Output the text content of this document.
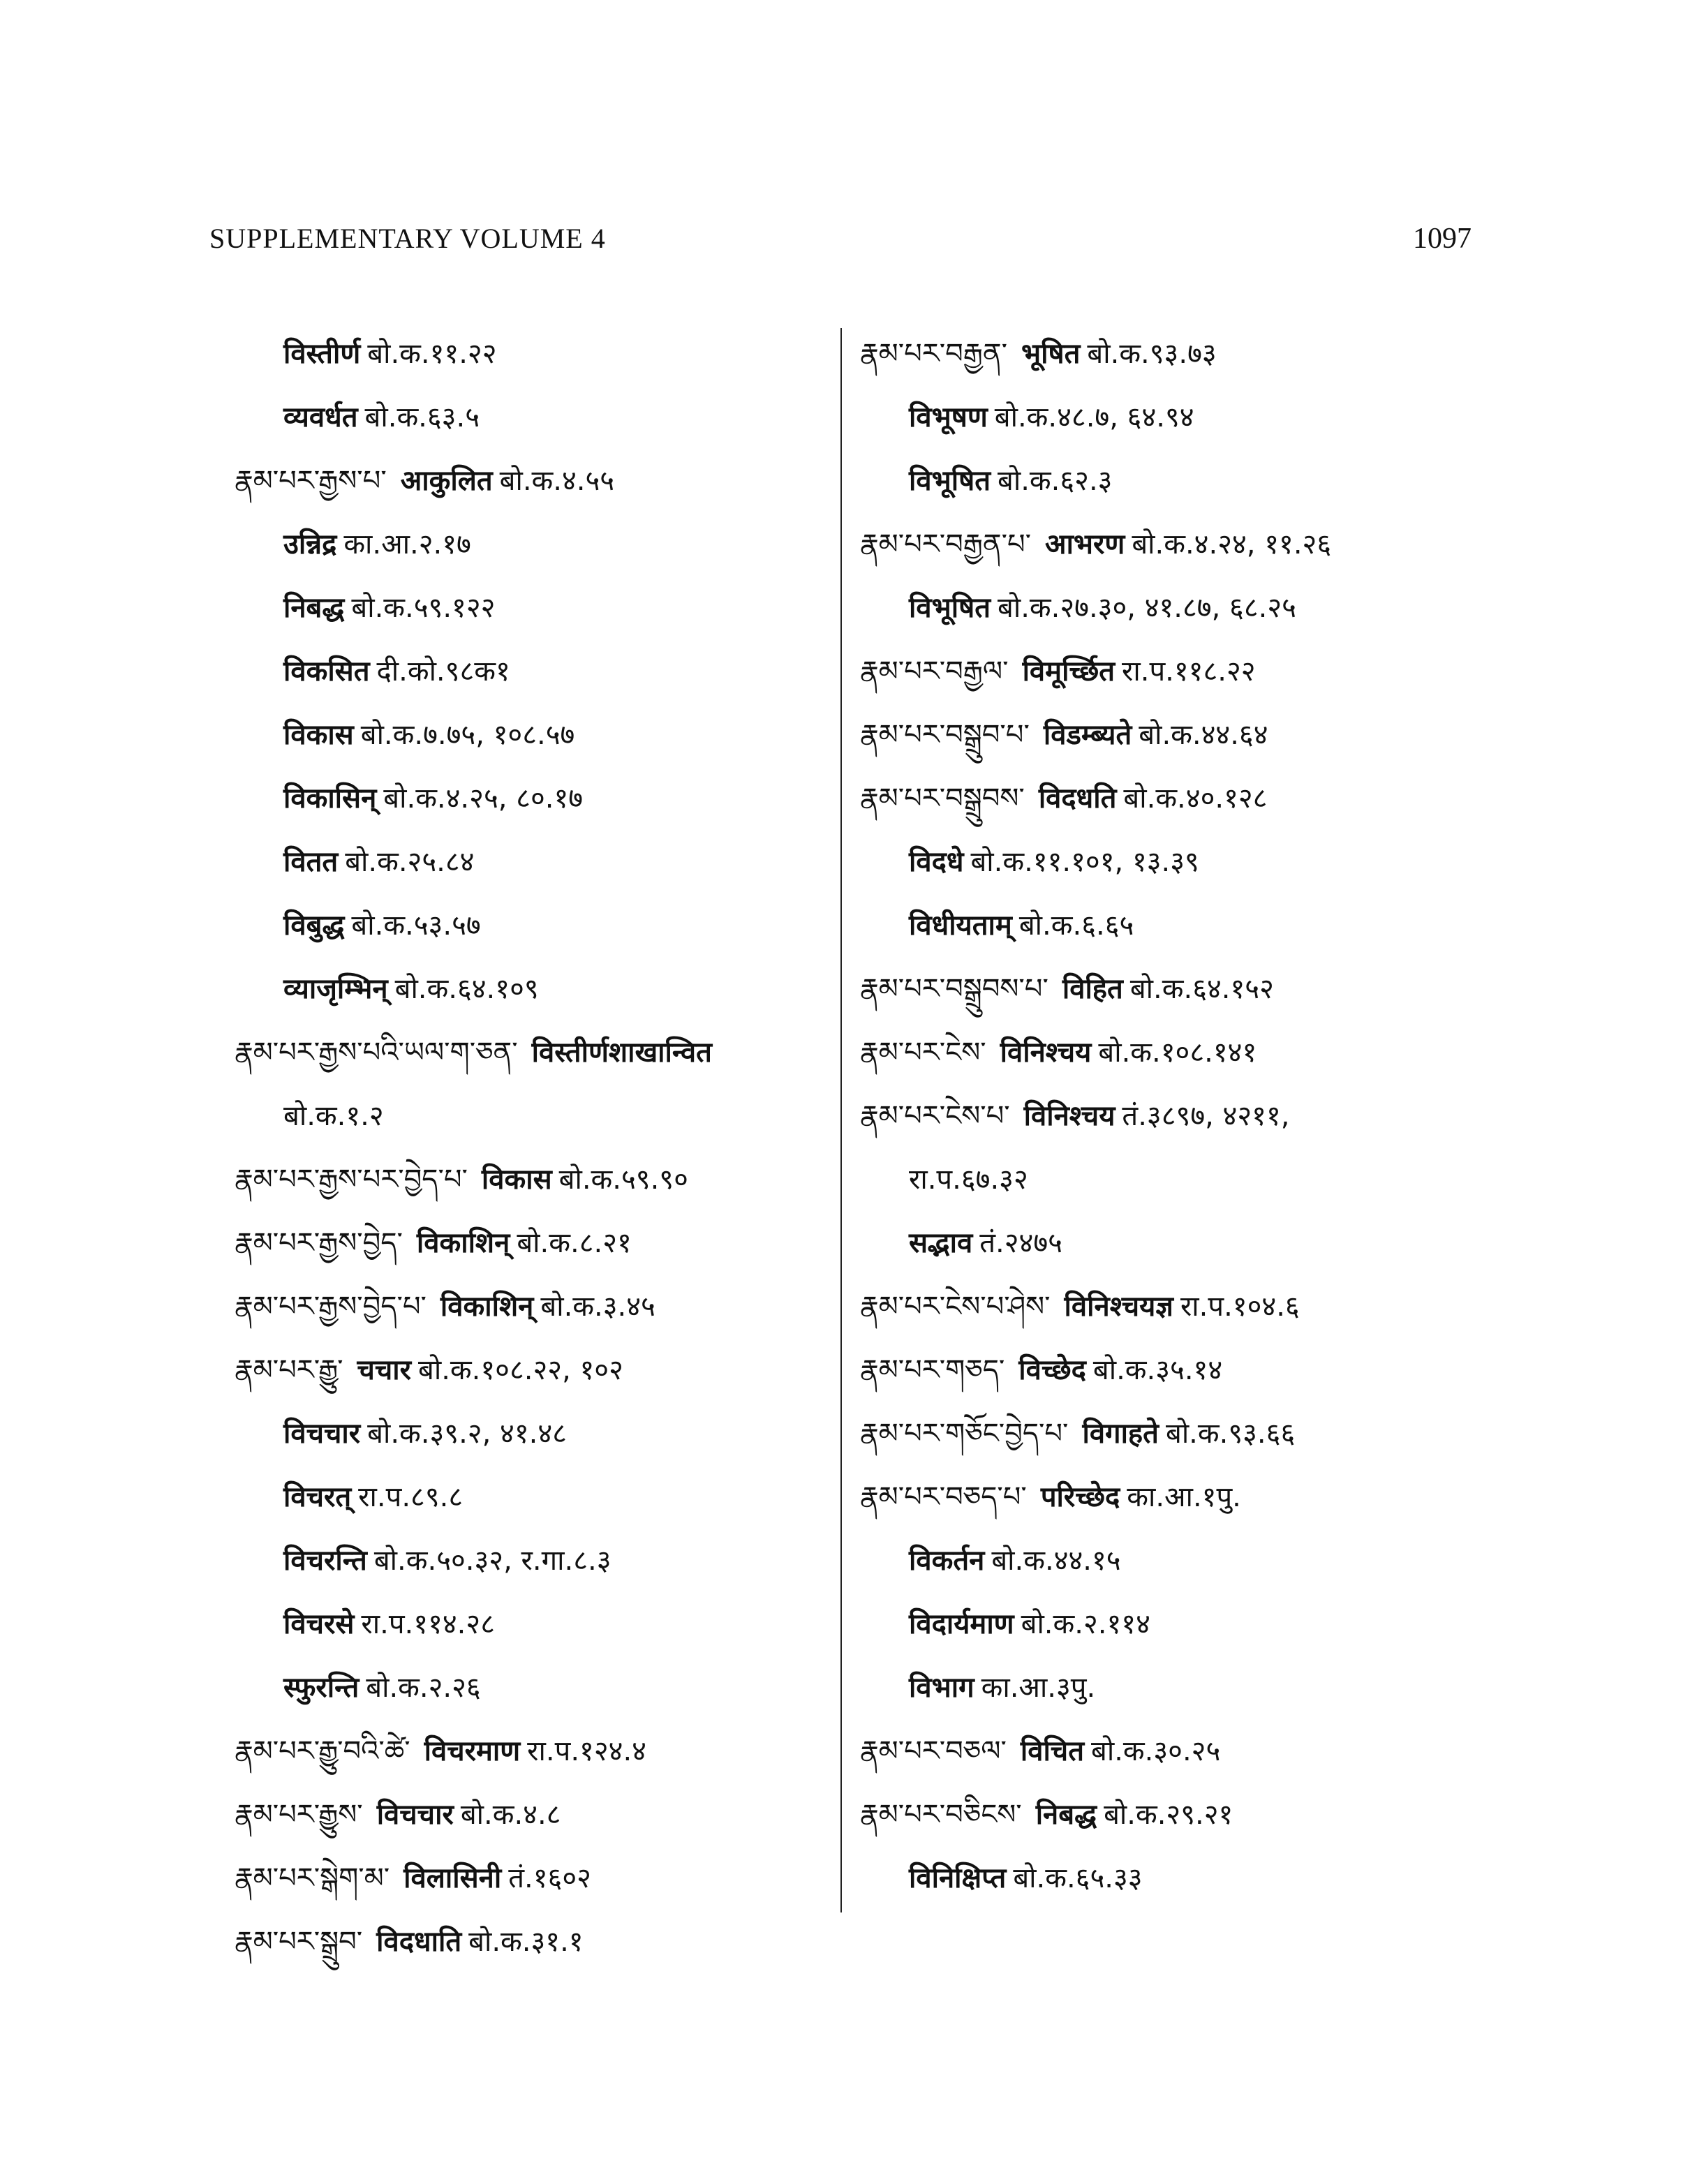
SUPPLEMENTARY VOLUME 4	1097
विस्तीर्ण बो.क.११.२२
व्यवर्धत बो.क.६३.५
རྣམ་པར་རྒྱས་པ་ आकुलित बो.क.४.५५
उन्निद्र का.आ.२.१७
निबद्ध बो.क.५९.१२२
विकसित दी.को.९८क१
विकास बो.क.७.७५, १०८.५७
विकासिन् बो.क.४.२५, ८०.१७
वितत बो.क.२५.८४
विबुद्ध बो.क.५३.५७
व्याजृम्भिन् बो.क.६४.१०९
རྣམ་པར་རྒྱས་པའི་ཡལ་ག་ཅན་ विस्तीर्णशाखान्वित
बो.क.१.२
རྣམ་པར་རྒྱས་པར་བྱེད་པ་ विकास बो.क.५९.९०
རྣམ་པར་རྒྱས་བྱེད་ विकाशिन् बो.क.८.२१
རྣམ་པར་རྒྱས་བྱེད་པ་ विकाशिन् बो.क.३.४५
རྣམ་པར་རྒྱུ་ चचार बो.क.१०८.२२, १०२
विचचार बो.क.३९.२, ४१.४८
विचरत् रा.प.८९.८
विचरन्ति बो.क.५०.३२, र.गा.८.३
विचरसे रा.प.११४.२८
स्फुरन्ति बो.क.२.२६
རྣམ་པར་རྒྱུ་བའི་ཚེ་ विचरमाण रा.प.१२४.४
རྣམ་པར་རྒྱུས་ विचचार बो.क.४.८
རྣམ་པར་སྒེག་མ་ विलासिनी तं.१६०२
རྣམ་པར་སྒྲུབ་ विदधाति बो.क.३१.१
རྣམ་པར་བརྒྱན་ भूषित बो.क.९३.७३
विभूषण बो.क.४८.७, ६४.९४
विभूषित बो.क.६२.३
རྣམ་པར་བརྒྱན་པ་ आभरण बो.क.४.२४, ११.२६
विभूषित बो.क.२७.३०, ४१.८७, ६८.२५
རྣམ་པར་བརྒྱལ་ विमूर्च्छित रा.प.११८.२२
རྣམ་པར་བསྒྲུབ་པ་ विडम्ब्यते बो.क.४४.६४
རྣམ་པར་བསྒྲུབས་ विदधति बो.क.४०.१२८
विदधे बो.क.११.१०१, १३.३९
विधीयताम् बो.क.६.६५
རྣམ་པར་བསྒྲུབས་པ་ विहित बो.क.६४.१५२
རྣམ་པར་ངེས་ विनिश्चय बो.क.१०८.१४१
རྣམ་པར་ངེས་པ་ विनिश्चय तं.३८९७, ४२११,
रा.प.६७.३२
सद्भाव तं.२४७५
རྣམ་པར་ངེས་པ་ཤེས་ विनिश्चयज्ञ रा.प.१०४.६
རྣམ་པར་གཅད་ विच्छेद बो.क.३५.१४
རྣམ་པར་གཅོང་བྱེད་པ་ विगाहते बो.क.९३.६६
རྣམ་པར་བཅད་པ་ परिच्छेद का.आ.१पु.
विकर्तन बो.क.४४.१५
विदार्यमाण बो.क.२.११४
विभाग का.आ.३पु.
རྣམ་པར་བཅལ་ विचित बो.क.३०.२५
རྣམ་པར་བཅིངས་ निबद्ध बो.क.२९.२१
विनिक्षिप्त बो.क.६५.३३
